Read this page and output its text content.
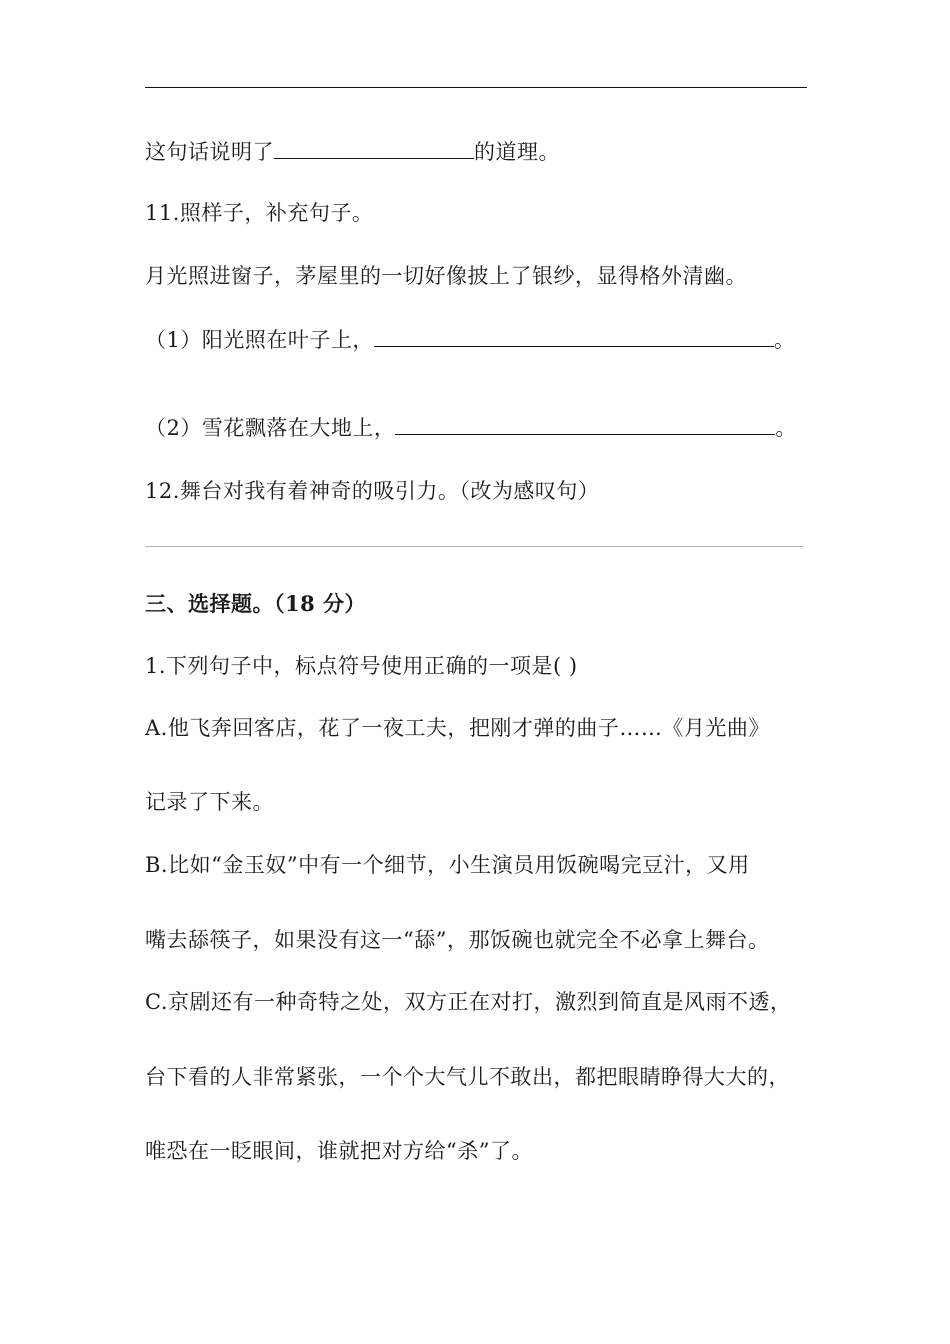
这句话说明了	的道理。
11.照样子，补充句子。
月光照进窗子，茅屋里的一切好像披上了银纱，显得格外清幽。
（1）阳光照在叶子上，	。
（2）雪花飘落在大地上，	。
12.舞台对我有着神奇的吸引力。（改为感叹句）
三、选择题。（18 分）
1.下列句子中，标点符号使用正确的一项是( )
A.他飞奔回客店，花了一夜工夫，把刚才弹的曲子……《月光曲》
记录了下来。
B.比如“金玉奴”中有一个细节，小生演员用饭碗喝完豆汁，又用
嘴去舔筷子，如果没有这一“舔”，那饭碗也就完全不必拿上舞台。
C.京剧还有一种奇特之处，双方正在对打，激烈到简直是风雨不透，
台下看的人非常紧张，一个个大气儿不敢出，都把眼睛睁得大大的，
唯恐在一眨眼间，谁就把对方给“杀”了。
